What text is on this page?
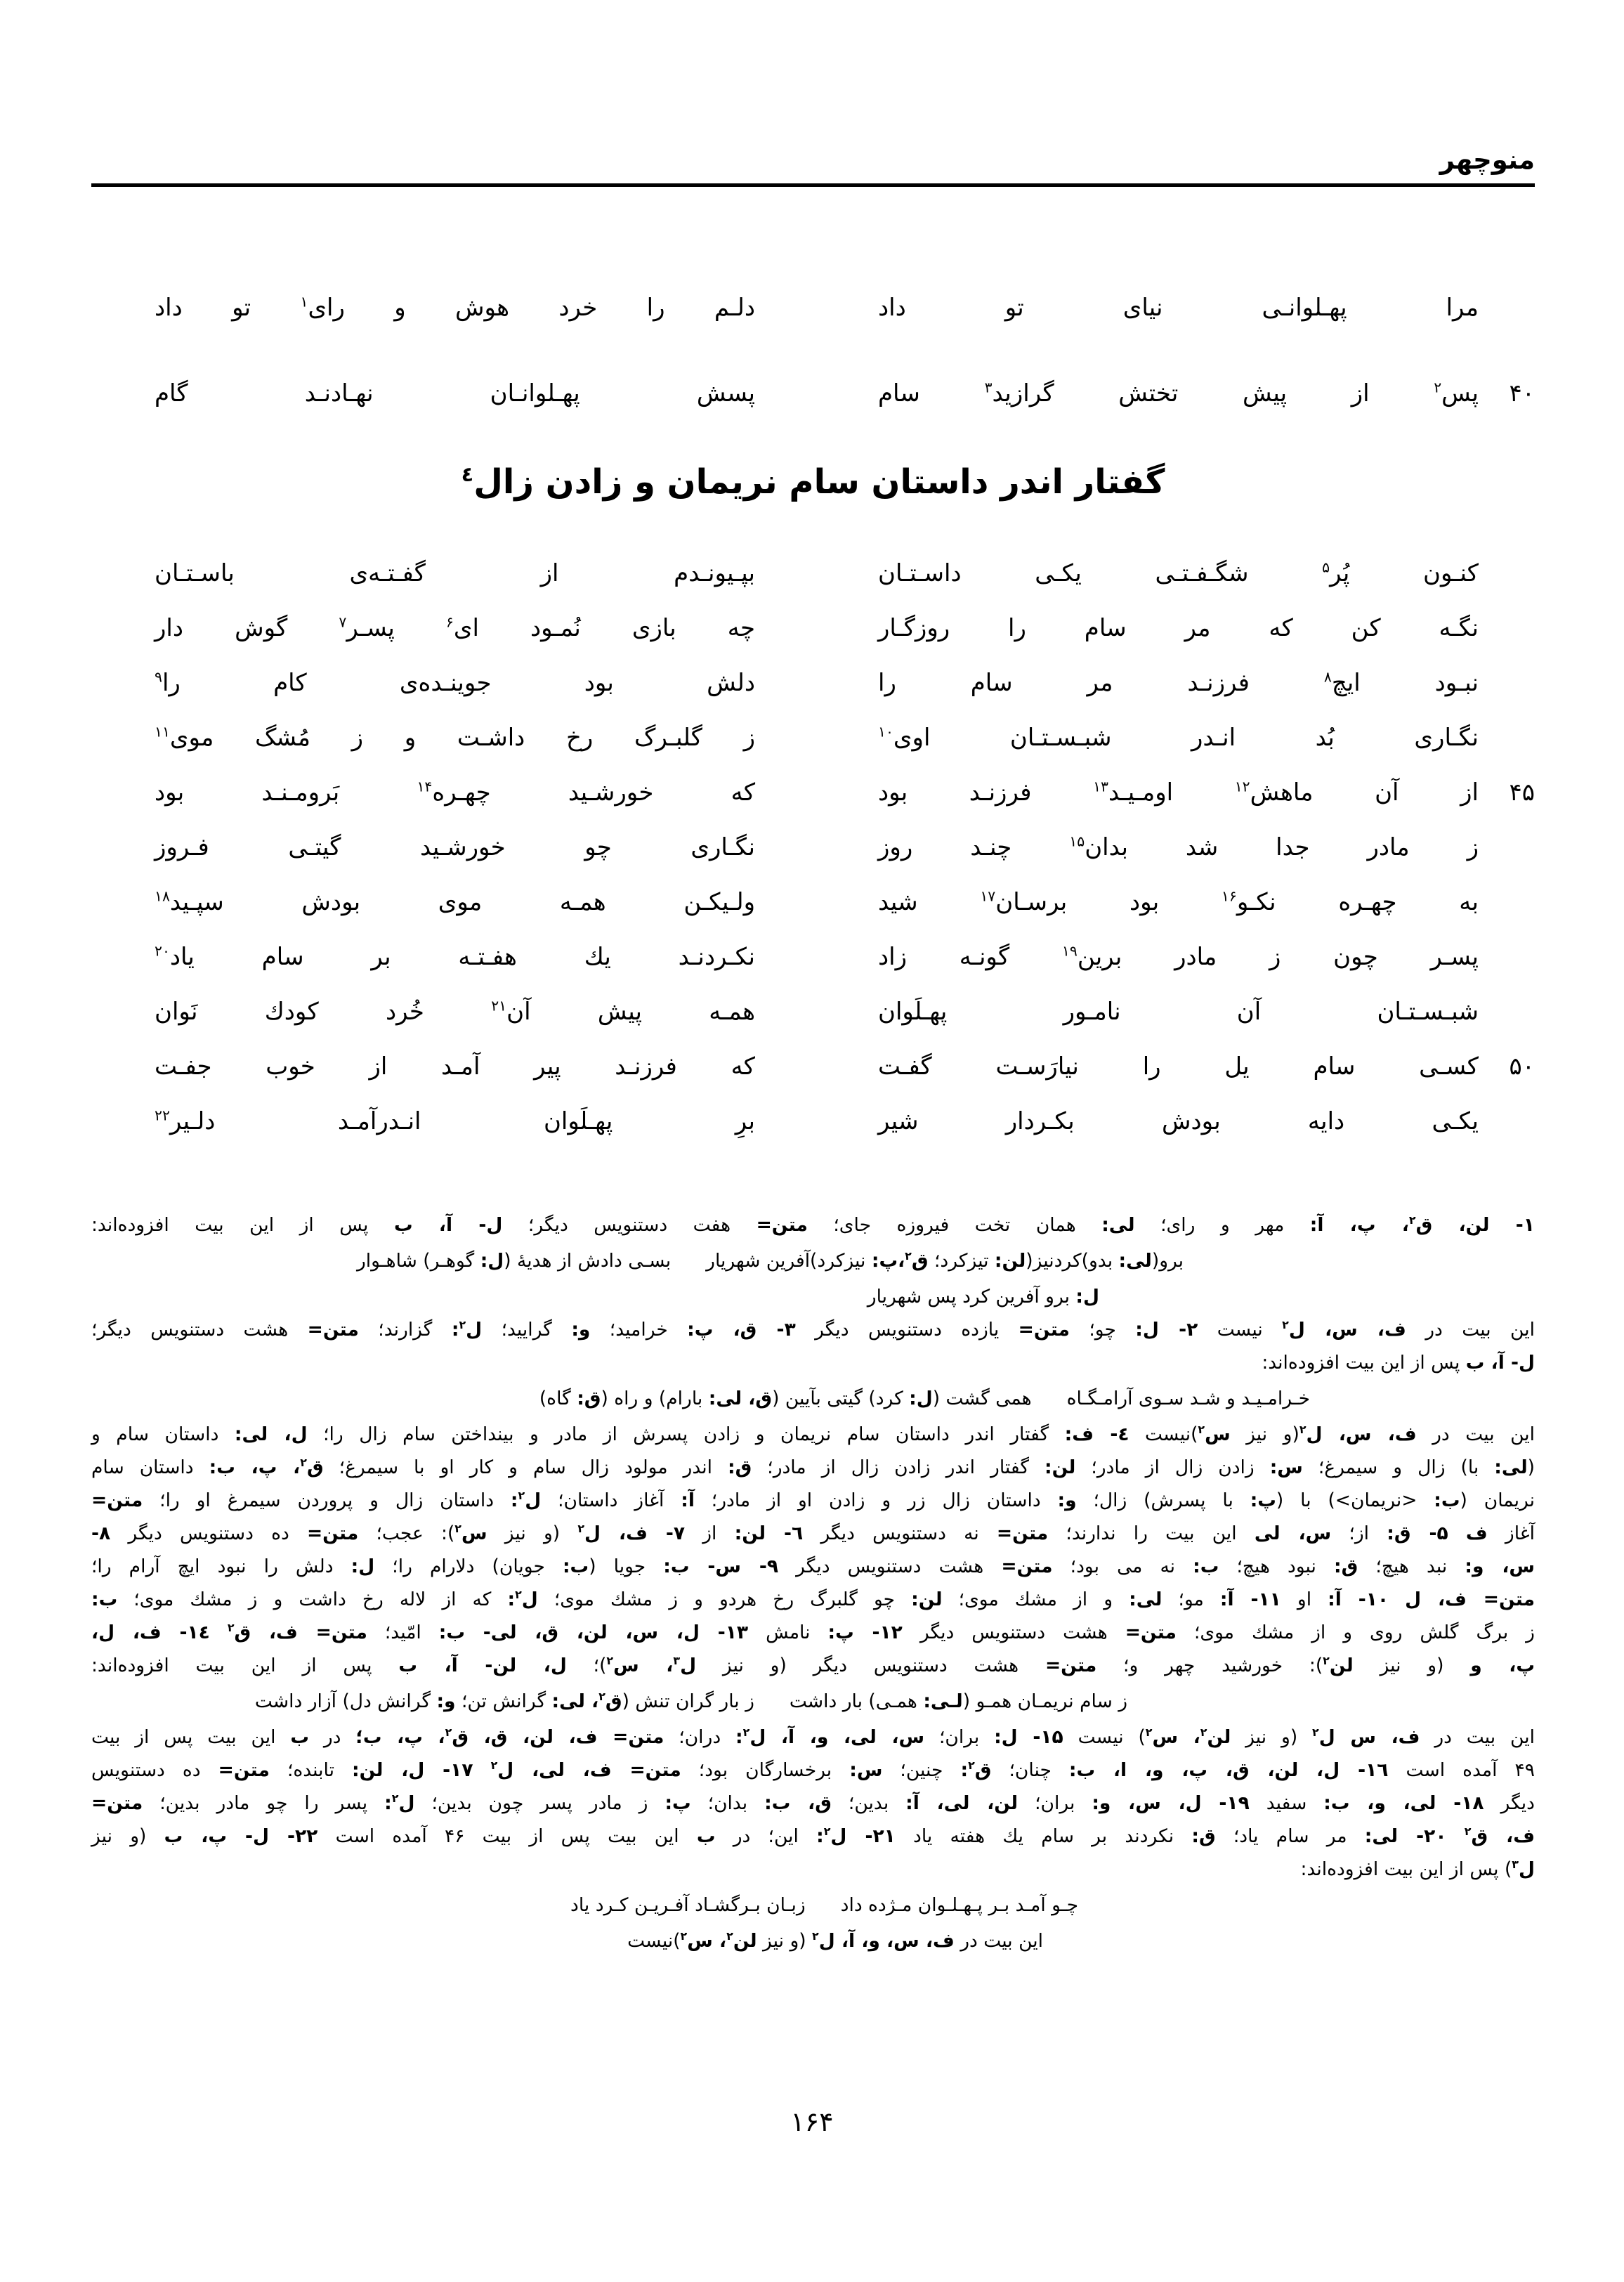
منوچهر
مرا پهـلوانـی نیای تو داد
دلـم را خرد هوش و رای$^۱$ تو داد
۴۰
پس$^۲$ از پیش تختش گرازید$^۳$ سام
پسش پهـلوانـان نهـادنـد گام
گفتار اندر داستان سام نریمان و زادن زال$^٤$
کنـون پُر$^۵$ شگـفـتـی یکـی داسـتـان
بپـیونـدم از گفـتـه‌ی باسـتـان
نگـه کن که مر سام را روزگـار
چه بازی نُمـود ای$^۶$ پسـر$^۷$ گوش دار
نبـود ایچ$^۸$ فرزنـد مر سام را
دلش بود جوینـده‌ی کام را$^۹$
نگـاری بُد انـدر شبـسـتـان اوی$^{۱۰}$
ز گلبـرگ رخ داشـت و ز مُشگ موی$^{۱۱}$
۴۵
از آن ماهش$^{۱۲}$ اومـیـد$^{۱۳}$ فرزنـد بود
که خورشـید چهـره$^{۱۴}$ بَرومـنـد بود
ز مادر جدا شد بدان$^{۱۵}$ چنـد روز
نگـاری چو خورشـید گیتـی فـروز
به چهـره نکـو$^{۱۶}$ بود برسـان$^{۱۷}$ شید
ولـیکـن همـه موی بودش سپـید$^{۱۸}$
پسـر چون ز مادر برین$^{۱۹}$ گونـه زاد
نکـردنـد یك هفـتـه بر سام یاد$^{۲۰}$
شبـسـتـان آن نامـور پهـلَوان
همـه پیش آن$^{۲۱}$ خُرد کودك نَوان
۵۰
کسـی سام یل را نیارَسـت گفـت
که فرزنـد پیر آمـد از خوب جفـت
یکـی دایه بودش بکـردار شیر
برِ پهـلَوان انـدرآمـد دلـیر$^{۲۲}$
۱- لن، ق$^۲$، پ، آ: مهر و رای؛ لی: همان تخت فیروزه جای؛ متن= هفت دستنویس دیگر؛ ل- آ، ب پس از این بیت افزوده‌اند:
برو(لی: بدو)کردنیز(لن: تیزکرد؛ ق$^۲$،پ: نیزکرد)آفرین شهریار
بسـی دادش از هدیهٔ (ل: گوهـر) شاهـوار
ل: برو آفرین کرد پس شهریار
این بیت در ف، س، ل$^۲$ نیست ۲- ل: چو؛ متن= یازده دستنویس دیگر ۳- ق، پ: خرامید؛ و: گرایید؛ ل$^۲$: گزارند؛ متن= هشت دستنویس دیگر؛
ل- آ، ب پس از این بیت افزوده‌اند:
خـرامـیـد و شـد سـوی آرامـگـاه
همی گشت (ل: کرد) گیتی بآیین (ق، لی: بارام) و راه (ق: گاه)
این بیت در ف، س، ل$^۲$(و نیز س$^۲$)نیست ٤- ف: گفتار اندر داستان سام نریمان و زادن پسرش از مادر و بینداختن سام زال را؛ ل، لی: داستان سام و
(لی: با) زال و سیمرغ؛ س: زادن زال از مادر؛ لن: گفتار اندر زادن زال از مادر؛ ق: اندر مولود زال سام و کار او با سیمرغ؛ ق$^۲$، پ، ب: داستان سام
نریمان (ب: <نریمان>) با (پ: با پسرش) زال؛ و: داستان زال زر و زادن او از مادر؛ آ: آغاز داستان؛ ل$^۲$: داستان زال و پروردن سیمرغ او را؛ متن=
آغاز ف ۵- ق: از؛ س، لی این بیت را ندارند؛ متن= نه دستنویس دیگر ٦- لن: از ۷- ف، ل$^۲$ (و نیز س$^۲$): عجب؛ متن= ده دستنویس دیگر ۸-
س، و: نبد هیچ؛ ق: نبود هیچ؛ ب: نه می بود؛ متن= هشت دستنویس دیگر ۹- س- ب: جویا (ب: جویان) دلارام را؛ ل: دلش را نبود ایچ آرام را؛
متن= ف، ل ۱۰- آ: او ۱۱- آ: مو؛ لی: و از مشك موی؛ لن: چو گلبرگ رخ هردو و ز مشك موی؛ ل$^۲$: که از لاله رخ داشت و ز مشك موی؛ ب:
ز برگ گلش روی و از مشك موی؛ متن= هشت دستنویس دیگر ۱۲- پ: نامش ۱۳- ل، س، لن، ق، لی- ب: امّید؛ متن= ف، ق$^۲$ ۱٤- ف، ل،
پ، و (و نیز لن$^۲$): خورشید چهر و؛ متن= هشت دستنویس دیگر (و نیز ل$^۳$، س$^۲$)؛ ل، لن- آ، ب پس از این بیت افزوده‌اند:
ز سام نریمـان همـو (لـی: همـی) بار داشت
ز بار گران تنش (ق$^۲$، لی: گرانش تن؛ و: گرانش دل) آزار داشت
این بیت در ف، س ل$^۲$ (و نیز لن$^۲$، س$^۲$) نیست ۱۵- ل: بران؛ س، لی، و، آ، ل$^۲$: دران؛ متن= ف، لن، ق، ق$^۲$، پ، ب؛ در ب این بیت پس از بیت
۴۹ آمده است ۱٦- ل، لن، ق، پ، و، ا، ب: چنان؛ ق$^۲$: چنین؛ س: برخسارگان بود؛ متن= ف، لی، ل$^۲$ ۱۷- ل، لن: تابنده؛ متن= ده دستنویس
دیگر ۱۸- لی، و، ب: سفید ۱۹- ل، س، و: بران؛ لن، لی، آ: بدین؛ ق، ب: بدان؛ پ: ز مادر پسر چون بدین؛ ل$^۲$: پسر را چو مادر بدین؛ متن=
ف، ق$^۲$ ۲۰- لی: مر سام یاد؛ ق: نکردند بر سام یك هفته یاد ۲۱- ل$^۲$: این؛ در ب این بیت پس از بیت ۴۶ آمده است ۲۲- ل- پ، ب (و نیز
ل$^۳$) پس از این بیت افزوده‌اند:
چـو آمـد بـر پـهـلـوان مـژده داد
زبـان بـرگشـاد آفـریـن کـرد یاد
این بیت در ف، س، و، آ، ل$^۲$ (و نیز لن$^۲$، س$^۲$)نیست
۱۶۴
